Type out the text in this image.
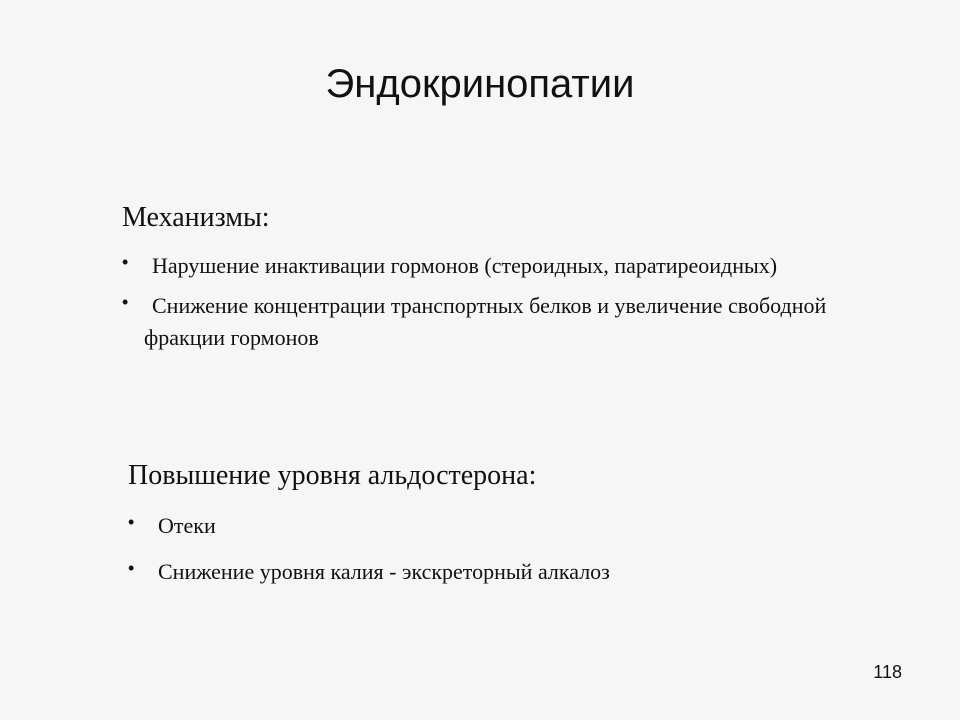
Эндокринопатии

Механизмы:

•	Нарушение инактивации гормонов (стероидных, паратиреоидных)
•	Снижение концентрации транспортных белков и увеличение свободной фракции гормонов

Повышение уровня альдостерона:

• Отеки
• Снижение уровня калия - экскреторный алкалоз
118
